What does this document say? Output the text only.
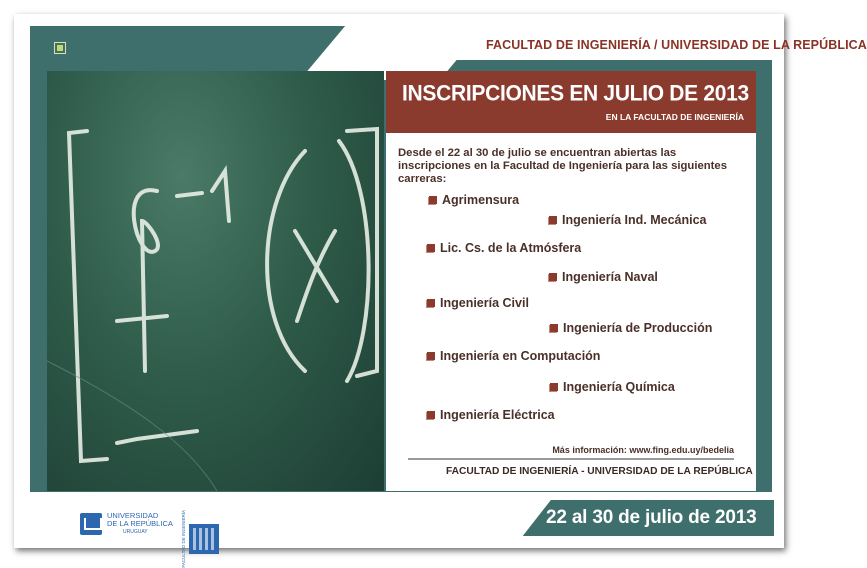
FACULTAD DE INGENIERÍA / UNIVERSIDAD DE LA REPÚBLICA
INSCRIPCIONES EN JULIO DE 2013
EN LA FACULTAD DE INGENIERÍA
Desde el 22 al 30 de julio se encuentran abiertas las inscripciones en la Facultad de Ingeniería para las siguientes carreras:
Agrimensura
Ingeniería Ind. Mecánica
Lic. Cs. de la Atmósfera
Ingeniería Naval
Ingeniería Civil
Ingeniería de Producción
Ingeniería en Computación
Ingeniería Química
Ingeniería Eléctrica
Más información: www.fing.edu.uy/bedelia
FACULTAD DE INGENIERÍA - UNIVERSIDAD DE LA REPÚBLICA
22 al 30 de julio de 2013
UNIVERSIDAD
DE LA REPÚBLICA
URUGUAY	FACULTAD DE INGENIERÍA
